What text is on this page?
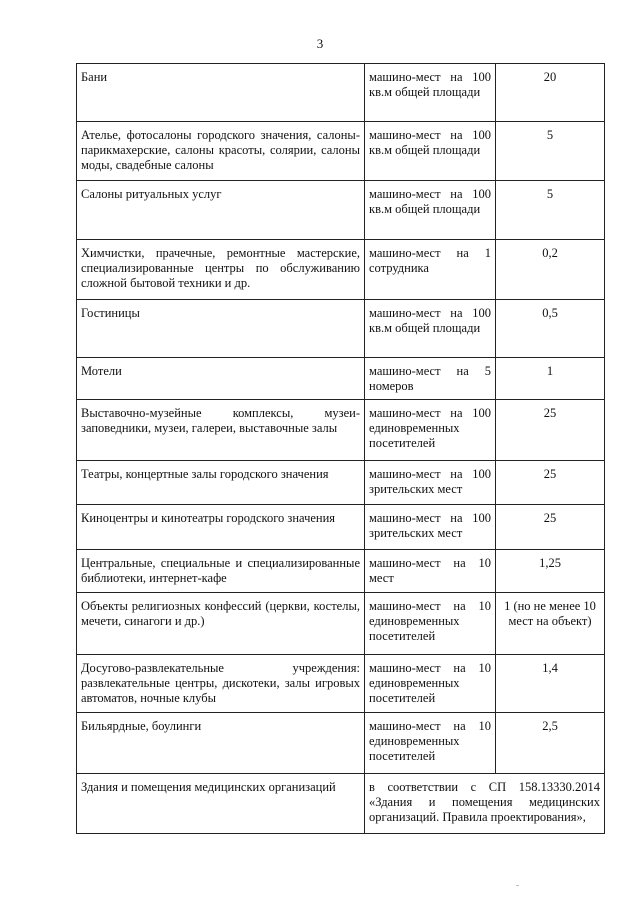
3
Бани	машино-мест на 100 кв.м общей площади	20
Ателье, фотосалоны городского значения, салоны-парикмахерские, салоны красоты, солярии, салоны моды, свадебные салоны	машино-мест на 100 кв.м общей площади	5
Салоны ритуальных услуг	машино-мест на 100 кв.м общей площади	5
Химчистки, прачечные, ремонтные мастерские, специализированные центры по обслуживанию сложной бытовой техники и др.	машино-мест на 1 сотрудника	0,2
Гостиницы	машино-мест на 100 кв.м общей площади	0,5
Мотели	машино-мест на 5 номеров	1
Выставочно-музейные комплексы, музеи-заповедники, музеи, галереи, выставочные залы	машино-мест на 100 единовременных посетителей	25
Театры, концертные залы городского значения	машино-мест на 100 зрительских мест	25
Киноцентры и кинотеатры городского значения	машино-мест на 100 зрительских мест	25
Центральные, специальные и специализированные библиотеки, интернет-кафе	машино-мест на 10 мест	1,25
Объекты религиозных конфессий (церкви, костелы, мечети, синагоги и др.)	машино-мест на 10 единовременных посетителей	1 (но не менее 10 мест на объект)
Досугово-развлекательные учреждения: развлекательные центры, дискотеки, залы игровых автоматов, ночные клубы	машино-мест на 10 единовременных посетителей	1,4
Бильярдные, боулинги	машино-мест на 10 единовременных посетителей	2,5
Здания и помещения медицинских организаций	в соответствии с СП 158.13330.2014 «Здания и помещения медицинских организаций. Правила проектирования»,	
